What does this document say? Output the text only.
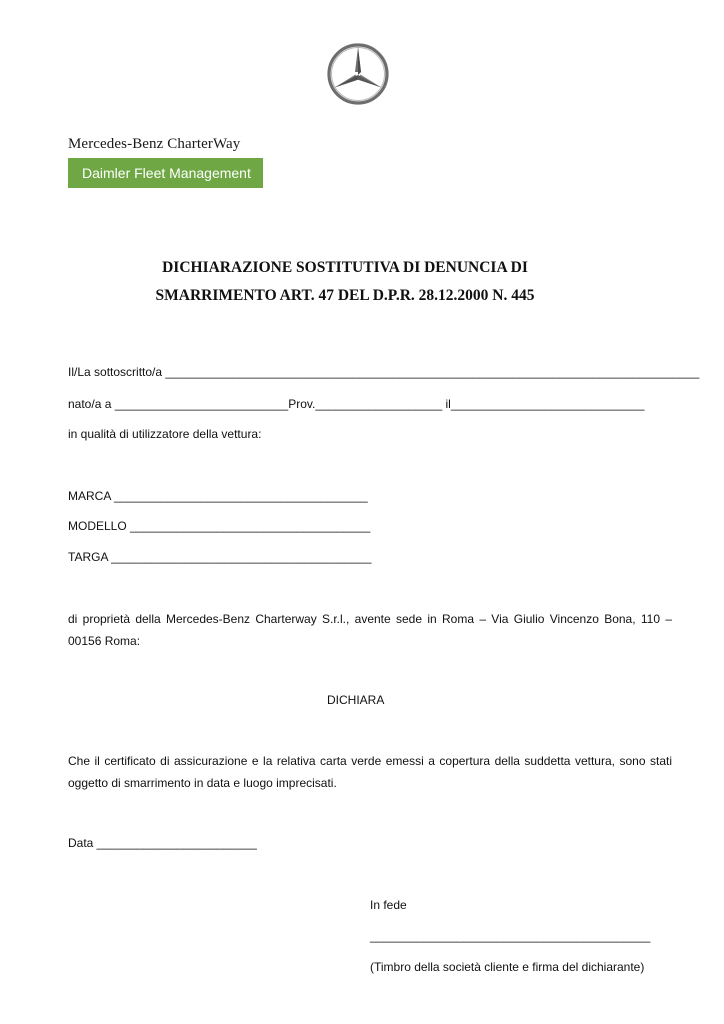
Mercedes-Benz CharterWay
Daimler Fleet Management
DICHIARAZIONE SOSTITUTIVA DI DENUNCIA DI
SMARRIMENTO ART. 47 DEL D.P.R. 28.12.2000 N. 445
Il/La sottoscritto/a ________________________________________________________________________________
nato/a a __________________________Prov.___________________ il_____________________________
in qualità di utilizzatore della vettura:
MARCA ______________________________________
MODELLO ____________________________________
TARGA _______________________________________
di proprietà della Mercedes-Benz Charterway S.r.l., avente sede in Roma – Via Giulio Vincenzo Bona, 110 – 00156 Roma:
DICHIARA
Che il certificato di assicurazione e la relativa carta verde emessi a copertura della suddetta vettura, sono stati oggetto di smarrimento in data e luogo imprecisati.
Data ________________________
In fede
__________________________________________
(Timbro della società cliente e firma del dichiarante)
